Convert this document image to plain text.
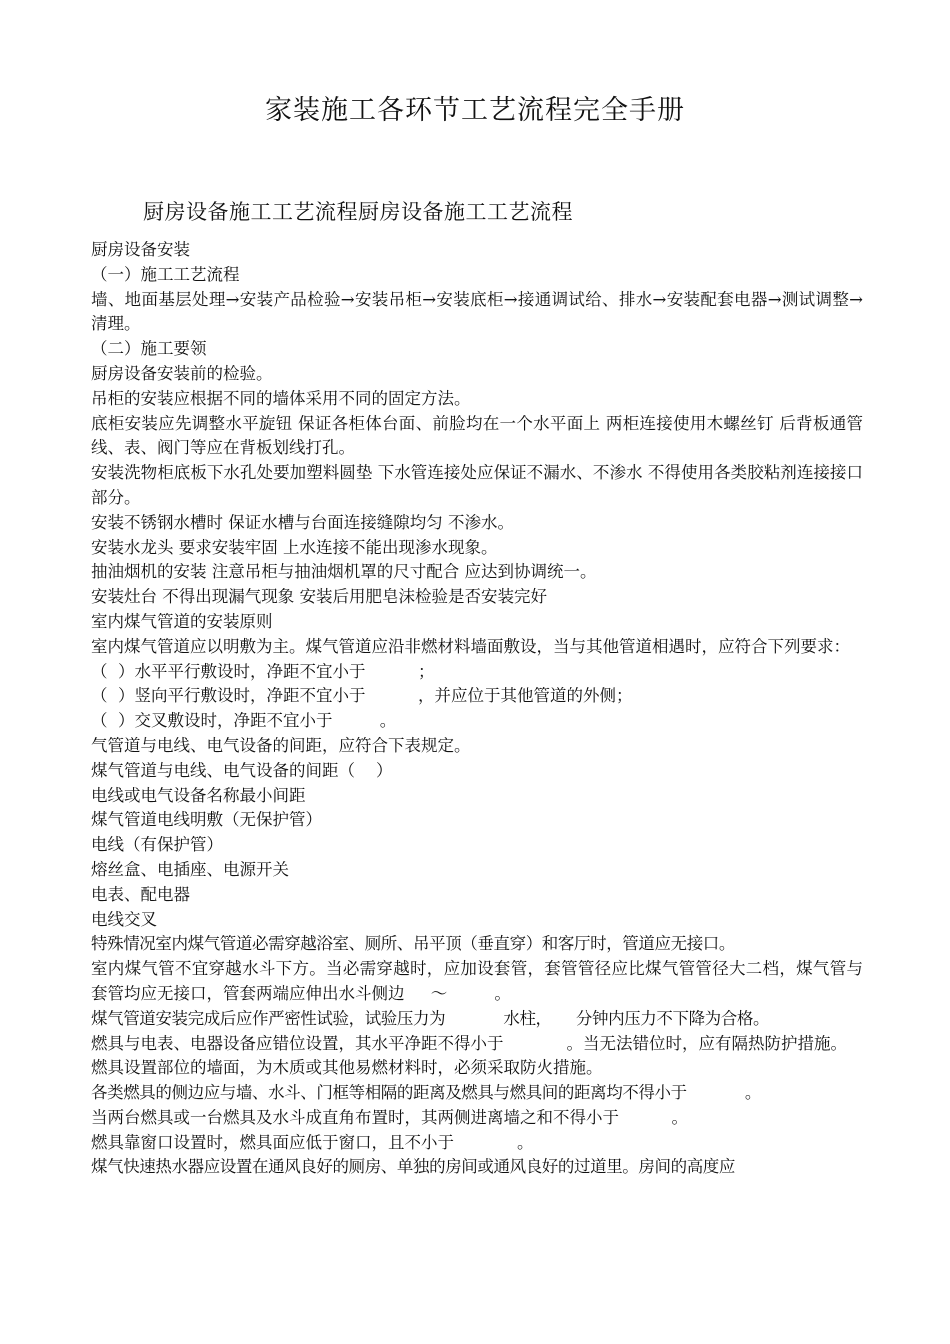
家装施工各环节工艺流程完全手册
厨房设备施工工艺流程厨房设备施工工艺流程

厨房设备安装

（一）施工工艺流程

墙、地面基层处理→安装产品检验→安装吊柜→安装底柜→接通调试给、排水→安装配套电器→测试调整→清理。

（二）施工要领

厨房设备安装前的检验。

吊柜的安装应根据不同的墙体采用不同的固定方法。

底柜安装应先调整水平旋钮 保证各柜体台面、前脸均在一个水平面上 两柜连接使用木螺丝钉 后背板通管线、表、阀门等应在背板划线打孔。

安装洗物柜底板下水孔处要加塑料圆垫 下水管连接处应保证不漏水、不渗水 不得使用各类胶粘剂连接接口部分。

安装不锈钢水槽时 保证水槽与台面连接缝隙均匀 不渗水。

安装水龙头 要求安装牢固 上水连接不能出现渗水现象。

抽油烟机的安装 注意吊柜与抽油烟机罩的尺寸配合 应达到协调统一。

安装灶台 不得出现漏气现象 安装后用肥皂沫检验是否安装完好

室内煤气管道的安装原则

室内煤气管道应以明敷为主。煤气管道应沿非燃材料墙面敷设，当与其他管道相遇时，应符合下列要求：

（  ）水平平行敷设时，净距不宜小于          ；

（  ）竖向平行敷设时，净距不宜小于          ，并应位于其他管道的外侧；

（  ）交叉敷设时，净距不宜小于         。

气管道与电线、电气设备的间距，应符合下表规定。

煤气管道与电线、电气设备的间距（    ）

电线或电气设备名称最小间距

煤气管道电线明敷（无保护管）

电线（有保护管）

熔丝盒、电插座、电源开关

电表、配电器

电线交叉

特殊情况室内煤气管道必需穿越浴室、厕所、吊平顶（垂直穿）和客厅时，管道应无接口。

室内煤气管不宜穿越水斗下方。当必需穿越时，应加设套管，套管管径应比煤气管管径大二档，煤气管与套管均应无接口，管套两端应伸出水斗侧边     ～         。

煤气管道安装完成后应作严密性试验，试验压力为            水柱，     分钟内压力不下降为合格。

燃具与电表、电器设备应错位设置，其水平净距不得小于            。当无法错位时，应有隔热防护措施。

燃具设置部位的墙面，为木质或其他易燃材料时，必须采取防火措施。

各类燃具的侧边应与墙、水斗、门框等相隔的距离及燃具与燃具间的距离均不得小于            。

当两台燃具或一台燃具及水斗成直角布置时，其两侧进离墙之和不得小于          。

燃具靠窗口设置时，燃具面应低于窗口，且不小于            。

煤气快速热水器应设置在通风良好的厕房、单独的房间或通风良好的过道里。房间的高度应
